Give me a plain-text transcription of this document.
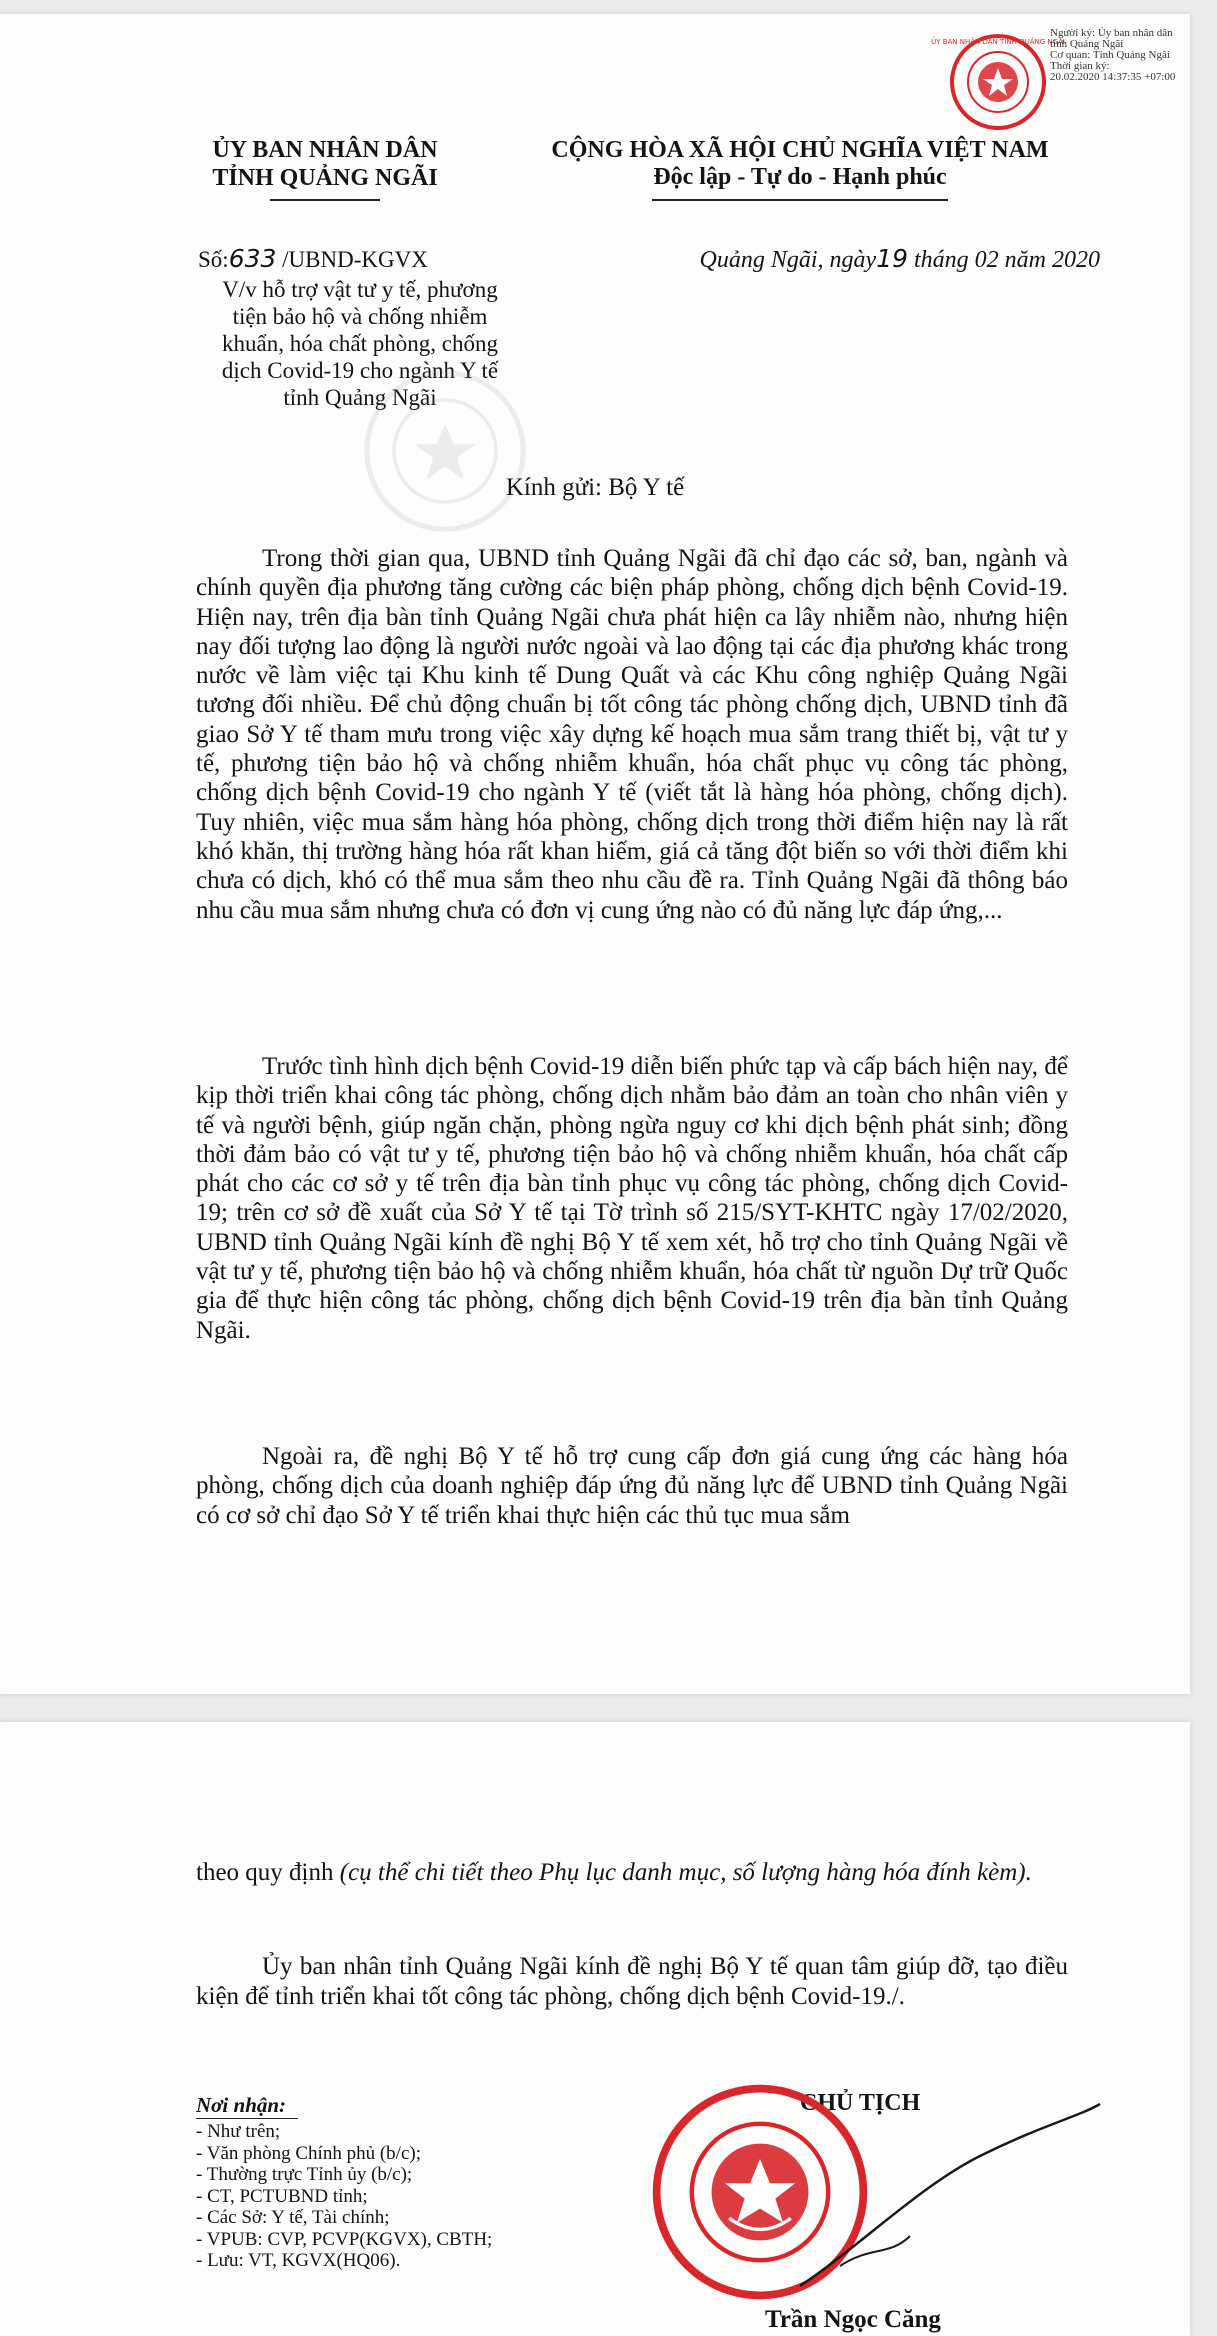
ỦY BAN NHÂN DÂN TỈNH QUẢNG NGÃI
Người ký: Ủy ban nhân dân tỉnh Quảng Ngãi
Cơ quan: Tỉnh Quảng Ngãi
Thời gian ký:
20.02.2020 14:37:35 +07:00
ỦY BAN NHÂN DÂN
TỈNH QUẢNG NGÃI
CỘNG HÒA XÃ HỘI CHỦ NGHĨA VIỆT NAM
Độc lập - Tự do - Hạnh phúc
Số:633 /UBND-KGVX
V/v hỗ trợ vật tư y tế, phương
tiện bảo hộ và chống nhiễm
khuẩn, hóa chất phòng, chống
dịch Covid-19 cho ngành Y tế
tỉnh Quảng Ngãi
Quảng Ngãi, ngày19 tháng 02 năm 2020
Kính gửi: Bộ Y tế

Trong thời gian qua, UBND tỉnh Quảng Ngãi đã chỉ đạo các sở, ban, ngành và chính quyền địa phương tăng cường các biện pháp phòng, chống dịch bệnh Covid-19. Hiện nay, trên địa bàn tỉnh Quảng Ngãi chưa phát hiện ca lây nhiễm nào, nhưng hiện nay đối tượng lao động là người nước ngoài và lao động tại các địa phương khác trong nước về làm việc tại Khu kinh tế Dung Quất và các Khu công nghiệp Quảng Ngãi tương đối nhiều. Để chủ động chuẩn bị tốt công tác phòng chống dịch, UBND tỉnh đã giao Sở Y tế tham mưu trong việc xây dựng kế hoạch mua sắm trang thiết bị, vật tư y tế, phương tiện bảo hộ và chống nhiễm khuẩn, hóa chất phục vụ công tác phòng, chống dịch bệnh Covid-19 cho ngành Y tế (viết tắt là hàng hóa phòng, chống dịch). Tuy nhiên, việc mua sắm hàng hóa phòng, chống dịch trong thời điểm hiện nay là rất khó khăn, thị trường hàng hóa rất khan hiếm, giá cả tăng đột biến so với thời điểm khi chưa có dịch, khó có thể mua sắm theo nhu cầu đề ra. Tỉnh Quảng Ngãi đã thông báo nhu cầu mua sắm nhưng chưa có đơn vị cung ứng nào có đủ năng lực đáp ứng,...

Trước tình hình dịch bệnh Covid-19 diễn biến phức tạp và cấp bách hiện nay, để kịp thời triển khai công tác phòng, chống dịch nhằm bảo đảm an toàn cho nhân viên y tế và người bệnh, giúp ngăn chặn, phòng ngừa nguy cơ khi dịch bệnh phát sinh; đồng thời đảm bảo có vật tư y tế, phương tiện bảo hộ và chống nhiễm khuẩn, hóa chất cấp phát cho các cơ sở y tế trên địa bàn tỉnh phục vụ công tác phòng, chống dịch Covid-19; trên cơ sở đề xuất của Sở Y tế tại Tờ trình số 215/SYT-KHTC ngày 17/02/2020, UBND tỉnh Quảng Ngãi kính đề nghị Bộ Y tế xem xét, hỗ trợ cho tỉnh Quảng Ngãi về vật tư y tế, phương tiện bảo hộ và chống nhiễm khuẩn, hóa chất từ nguồn Dự trữ Quốc gia để thực hiện công tác phòng, chống dịch bệnh Covid-19 trên địa bàn tỉnh Quảng Ngãi.

Ngoài ra, đề nghị Bộ Y tế hỗ trợ cung cấp đơn giá cung ứng các hàng hóa phòng, chống dịch của doanh nghiệp đáp ứng đủ năng lực để UBND tỉnh Quảng Ngãi có cơ sở chỉ đạo Sở Y tế triển khai thực hiện các thủ tục mua sắm

theo quy định (cụ thể chi tiết theo Phụ lục danh mục, số lượng hàng hóa đính kèm).

Ủy ban nhân tỉnh Quảng Ngãi kính đề nghị Bộ Y tế quan tâm giúp đỡ, tạo điều kiện để tỉnh triển khai tốt công tác phòng, chống dịch bệnh Covid-19./.

Nơi nhận:
- Như trên;
- Văn phòng Chính phủ (b/c);
- Thường trực Tỉnh ủy (b/c);
- CT, PCTUBND tỉnh;
- Các Sở: Y tế, Tài chính;
- VPUB: CVP, PCVP(KGVX), CBTH;
- Lưu: VT, KGVX(HQ06).
CHỦ TỊCH
Trần Ngọc Căng
